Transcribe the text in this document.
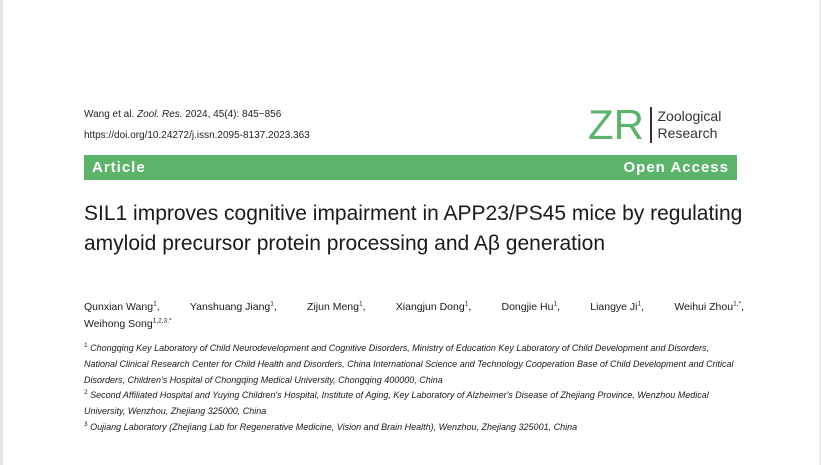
Wang et al. Zool. Res. 2024, 45(4): 845−856
https://doi.org/10.24272/j.issn.2095-8137.2023.363	ZR Zoological
Research
Article	Open Access
SIL1 improves cognitive impairment in APP23/PS45 mice by regulating amyloid precursor protein processing and Aβ generation
Qunxian Wang$^1$,	Yanshuang Jiang$^1$,	Zijun Meng$^1$,	Xiangjun Dong$^1$,	Dongjie Hu$^1$,	Liangye Ji$^1$,	Weihui Zhou$^{1,*}$,
Weihong Song$^{1,2,3,*}$

$^1$ Chongqing Key Laboratory of Child Neurodevelopment and Cognitive Disorders, Ministry of Education Key Laboratory of Child Development and Disorders, National Clinical Research Center for Child Health and Disorders, China International Science and Technology Cooperation Base of Child Development and Critical Disorders, Children's Hospital of Chongqing Medical University, Chongqing 400000, China

$^2$ Second Affiliated Hospital and Yuying Children's Hospital, Institute of Aging, Key Laboratory of Alzheimer's Disease of Zhejiang Province, Wenzhou Medical University, Wenzhou, Zhejiang 325000, China

$^3$ Oujiang Laboratory (Zhejiang Lab for Regenerative Medicine, Vision and Brain Health), Wenzhou, Zhejiang 325001, China
